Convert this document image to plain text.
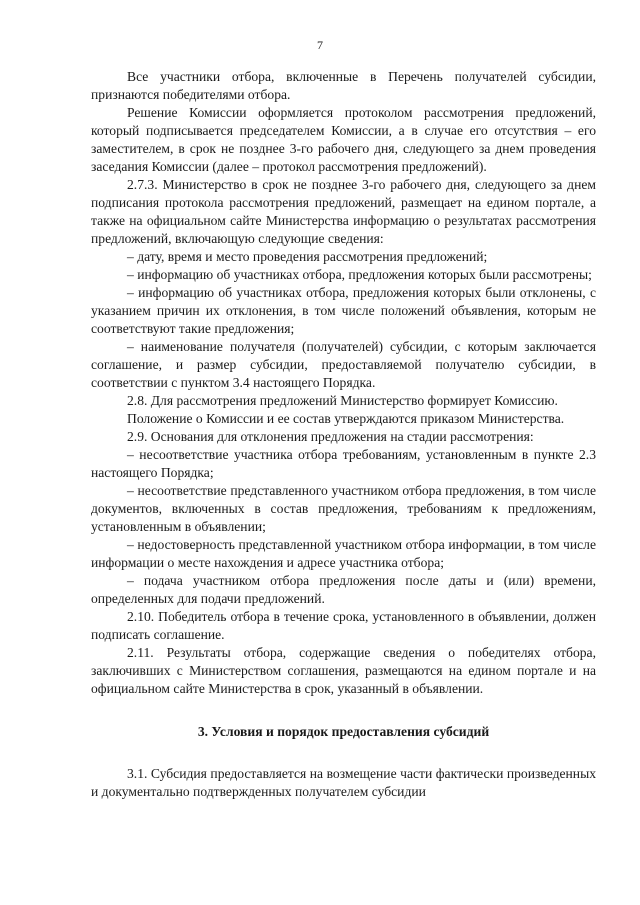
7

Все участники отбора, включенные в Перечень получателей субсидии, признаются победителями отбора.

Решение Комиссии оформляется протоколом рассмотрения предложений, который подписывается председателем Комиссии, а в случае его отсутствия – его заместителем, в срок не позднее 3-го рабочего дня, следующего за днем проведения заседания Комиссии (далее – протокол рассмотрения предложений).

2.7.3. Министерство в срок не позднее 3-го рабочего дня, следующего за днем подписания протокола рассмотрения предложений, размещает на едином портале, а также на официальном сайте Министерства информацию о результатах рассмотрения предложений, включающую следующие сведения:

– дату, время и место проведения рассмотрения предложений;

– информацию об участниках отбора, предложения которых были рассмотрены;

– информацию об участниках отбора, предложения которых были отклонены, с указанием причин их отклонения, в том числе положений объявления, которым не соответствуют такие предложения;

– наименование получателя (получателей) субсидии, с которым заключается соглашение, и размер субсидии, предоставляемой получателю субсидии, в соответствии с пунктом 3.4 настоящего Порядка.

2.8. Для рассмотрения предложений Министерство формирует Комиссию.

Положение о Комиссии и ее состав утверждаются приказом Министерства.

2.9. Основания для отклонения предложения на стадии рассмотрения:

– несоответствие участника отбора требованиям, установленным в пункте 2.3 настоящего Порядка;

– несоответствие представленного участником отбора предложения, в том числе документов, включенных в состав предложения, требованиям к предложениям, установленным в объявлении;

– недостоверность представленной участником отбора информации, в том числе информации о месте нахождения и адресе участника отбора;

– подача участником отбора предложения после даты и (или) времени, определенных для подачи предложений.

2.10. Победитель отбора в течение срока, установленного в объявлении, должен подписать соглашение.

2.11. Результаты отбора, содержащие сведения о победителях отбора, заключивших с Министерством соглашения, размещаются на едином портале и на официальном сайте Министерства в срок, указанный в объявлении.

3. Условия и порядок предоставления субсидий

3.1. Субсидия предоставляется на возмещение части фактически произведенных и документально подтвержденных получателем субсидии
